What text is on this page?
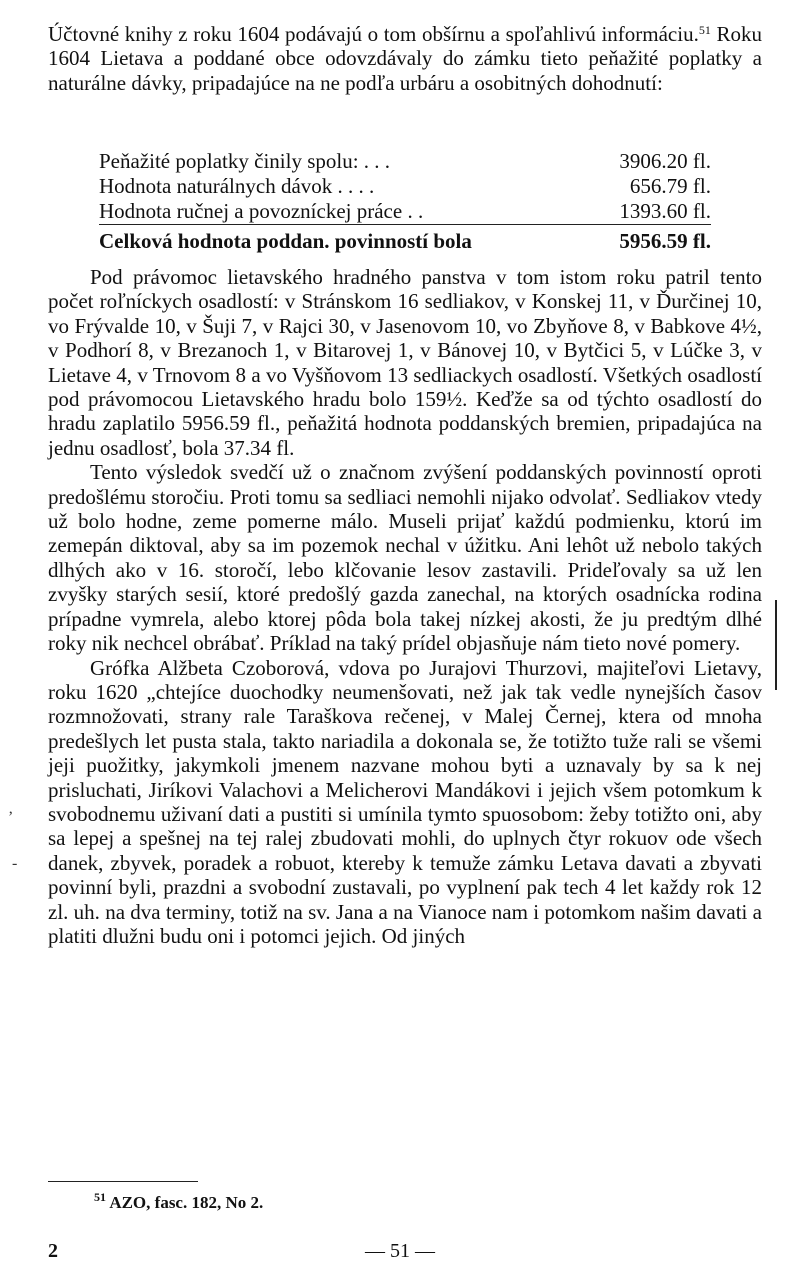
Účtovné knihy z roku 1604 podávajú o tom obšírnu a spoľahlivú informáciu.$^{51}$ Roku 1604 Lietava a poddané obce odovzdávaly do zámku tieto peňažité poplatky a naturálne dávky, pripadajúce na ne podľa urbáru a osobitných dohodnutí:

Peňažité poplatky činily spolu: . . .	3906.20 fl.
Hodnota naturálnych dávok . . . .	656.79 fl.
Hodnota ručnej a povozníckej práce . .	1393.60 fl.
Celková hodnota poddan. povinností bola	5956.59 fl.

Pod právomoc lietavského hradného panstva v tom istom roku patril tento počet roľníckych osadlostí: v Stránskom 16 sedliakov, v Konskej 11, v Ďurčinej 10, vo Frývalde 10, v Šuji 7, v Rajci 30, v Jasenovom 10, vo Zbyňove 8, v Babkove 4½, v Podhorí 8, v Brezanoch 1, v Bitarovej 1, v Bánovej 10, v Bytčici 5, v Lúčke 3, v Lietave 4, v Trnovom 8 a vo Vyšňovom 13 sedliackych osadlostí. Všetkých osadlostí pod právomocou Lietavského hradu bolo 159½. Keďže sa od týchto osadlostí do hradu zaplatilo 5956.59 fl., peňažitá hodnota poddanských bremien, pripadajúca na jednu osadlosť, bola 37.34 fl.

Tento výsledok svedčí už o značnom zvýšení poddanských povinností oproti predošlému storočiu. Proti tomu sa sedliaci nemohli nijako odvolať. Sedliakov vtedy už bolo hodne, zeme pomerne málo. Museli prijať každú podmienku, ktorú im zemepán diktoval, aby sa im pozemok nechal v úžitku. Ani lehôt už nebolo takých dlhých ako v 16. storočí, lebo klčovanie lesov zastavili. Prideľovaly sa už len zvyšky starých sesií, ktoré predošlý gazda zanechal, na ktorých osadnícka rodina prípadne vymrela, alebo ktorej pôda bola takej nízkej akosti, že ju predtým dlhé roky nik nechcel obrábať. Príklad na taký prídel objasňuje nám tieto nové pomery.

Grófka Alžbeta Czoborová, vdova po Jurajovi Thurzovi, majiteľovi Lietavy, roku 1620 „chtejíce duochodky neumenšovati, než jak tak vedle nynejších časov rozmnožovati, strany rale Taraškova rečenej, v Malej Černej, ktera od mnoha predešlych let pusta stala, takto nariadila a dokonala se, že totižto tuže rali se všemi jeji puožitky, jakymkoli jmenem nazvane mohou byti a uznavaly by sa k nej prisluchati, Jiríkovi Valachovi a Melicherovi Mandákovi i jejich všem potomkum k svobodnemu uživaní dati a pustiti si umínila tymto spuosobom: žeby totižto oni, aby sa lepej a spešnej na tej ralej zbudovati mohli, do uplnych čtyr rokuov ode všech danek, zbyvek, poradek a robuot, ktereby k temuže zámku Letava davati a zbyvati povinní byli, prazdni a svobodní zustavali, po vyplnení pak tech 4 let každy rok 12 zl. uh. na dva terminy, totiž na sv. Jana a na Vianoce nam i potomkom našim davati a platiti dlužni budu oni i potomci jejich. Od jiných

‚
-
$^{51}$ AZO, fasc. 182, No 2.
2	— 51 —
